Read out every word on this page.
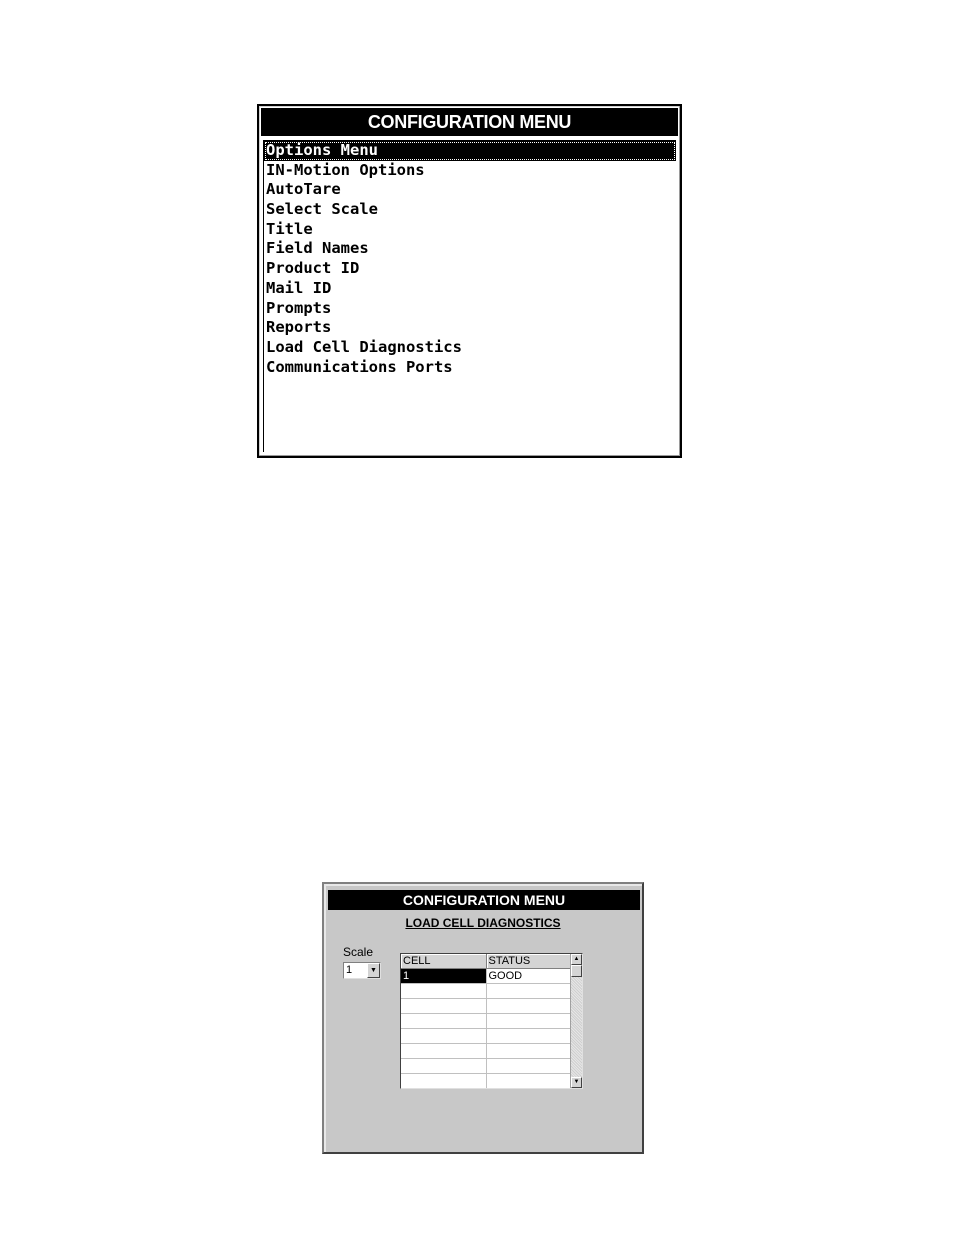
CONFIGURATION MENU
Options Menu
IN-Motion Options
AutoTare
Select Scale
Title
Field Names
Product ID
Mail ID
Prompts
Reports
Load Cell Diagnostics
Communications Ports
CONFIGURATION MENU
LOAD CELL DIAGNOSTICS
Scale
1	▼
CELL	STATUS
1	GOOD

▲
▼
